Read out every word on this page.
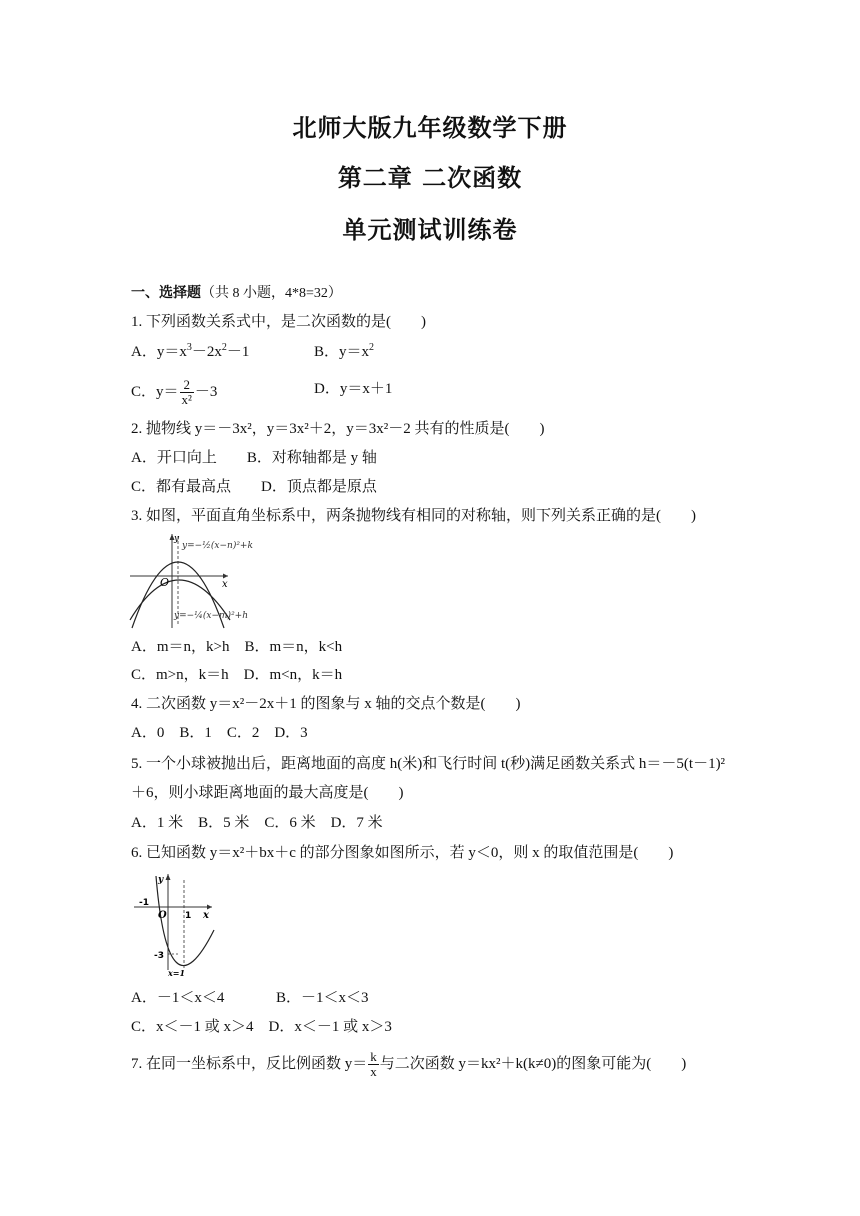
北师大版九年级数学下册
第二章 二次函数
单元测试训练卷
一、选择题（共 8 小题，4*8=32）
1. 下列函数关系式中，是二次函数的是(　　)
A．$y=x^3-2x^2-1$	B．$y=x^2$
C．$y= \frac{2}{\text{x²}} -3$	D．y＝x＋1
2. 抛物线 y＝－3x²，y＝3x²＋2，y＝3x²－2 共有的性质是(　　)
A．开口向上　　B．对称轴都是 y 轴
C．都有最高点　　D．顶点都是原点
3. 如图，平面直角坐标系中，两条抛物线有相同的对称轴，则下列关系正确的是(　　)
y
x
O
y=−½(x−n)²+k
y=−¼(x−m)²+h
A．m＝n，k>h　B．m＝n，k<h
C．m>n，k＝h　D．m<n，k＝h
4. 二次函数 y＝x²－2x＋1 的图象与 x 轴的交点个数是(　　)
A．0　B．1　C．2　D．3
5. 一个小球被抛出后，距离地面的高度 h(米)和飞行时间 t(秒)满足函数关系式 h＝－5(t－1)²
＋6，则小球距离地面的最大高度是(　　)
A．1 米　B．5 米　C．6 米　D．7 米
6. 已知函数 y＝x²＋bx＋c 的部分图象如图所示，若 y＜0，则 x 的取值范围是(　　)
y
x
O
-1
1
-3
x=1
A．－1＜x＜4	B．－1＜x＜3
C．x＜－1 或 x＞4　D．x＜－1 或 x＞3
7. 在同一坐标系中，反比例函数 $y= \frac{k}{x}$ 与二次函数 y＝kx²＋k(k≠0)的图象可能为(　　)
